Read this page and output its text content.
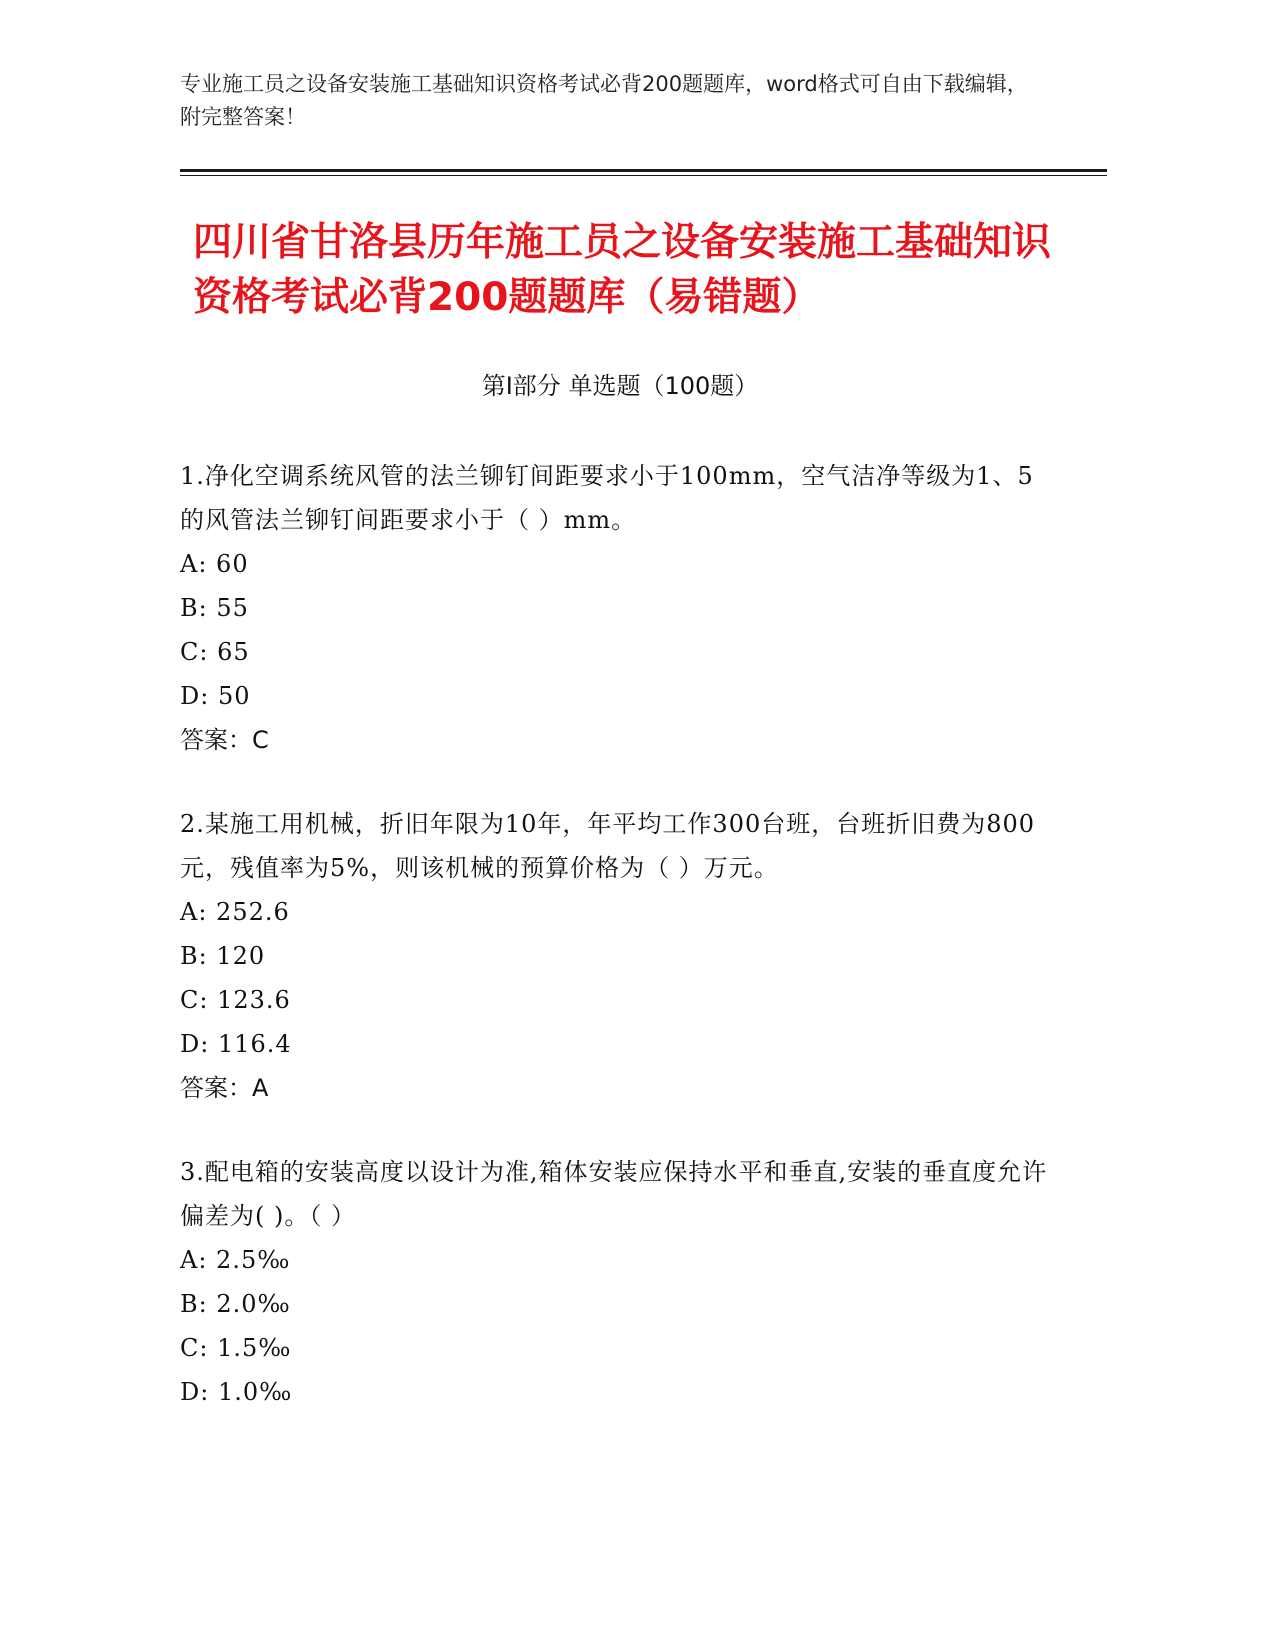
专业施工员之设备安装施工基础知识资格考试必背200题题库，word格式可自由下载编辑，附完整答案！
四川省甘洛县历年施工员之设备安装施工基础知识资格考试必背200题题库（易错题）
第I部分 单选题（100题）
1.净化空调系统风管的法兰铆钉间距要求小于100mm，空气洁净等级为1、5的风管法兰铆钉间距要求小于（ ）mm。
A: 60
B: 55
C: 65
D: 50
答案：C
2.某施工用机械，折旧年限为10年，年平均工作300台班，台班折旧费为800元，残值率为5%，则该机械的预算价格为（ ）万元。
A: 252.6
B: 120
C: 123.6
D: 116.4
答案：A
3.配电箱的安装高度以设计为准,箱体安装应保持水平和垂直,安装的垂直度允许偏差为( )。（ ）
A: 2.5‰
B: 2.0‰
C: 1.5‰
D: 1.0‰
